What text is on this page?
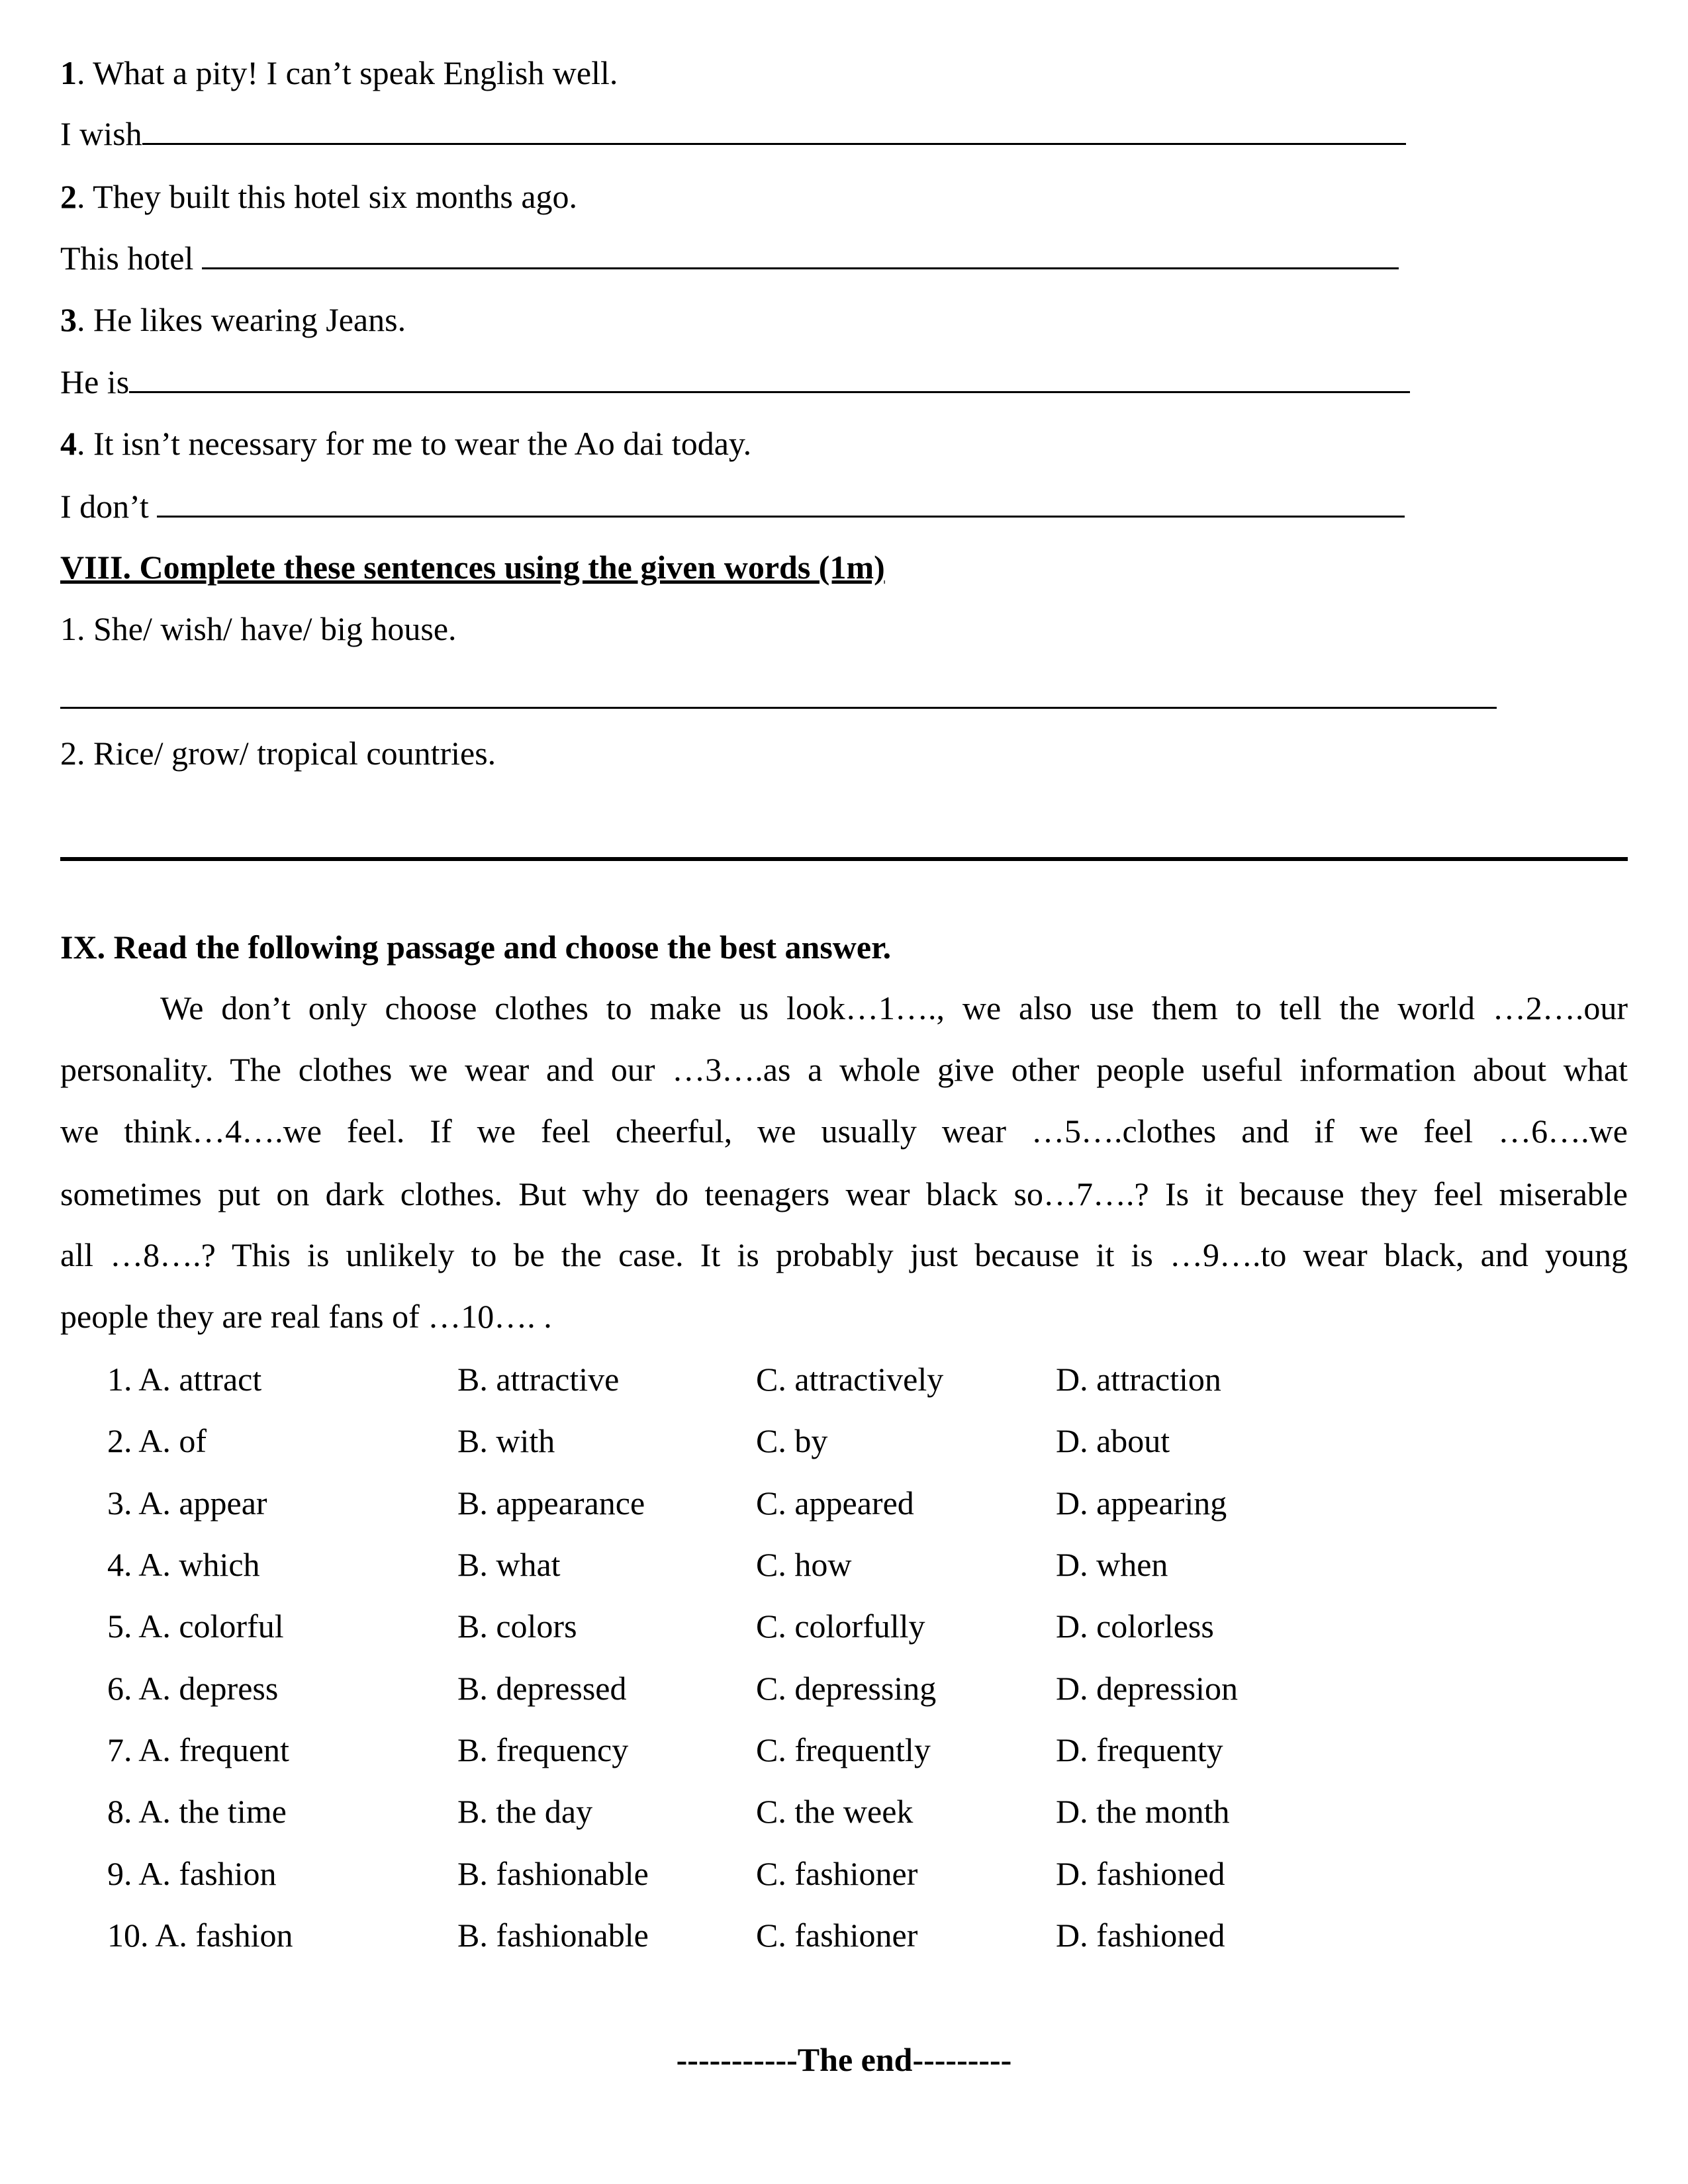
1. What a pity! I can’t speak English well.
I wish
2. They built this hotel six months ago.
This hotel
3. He likes wearing Jeans.
He is
4. It isn’t necessary for me to wear the Ao dai today.
I don’t
VIII. Complete these sentences using the given words (1m)
1. She/ wish/ have/ big house.
2. Rice/ grow/ tropical countries.
IX. Read the following passage and choose the best answer.
We don’t only choose clothes to make us look…1…., we also use them to tell the world …2….our
personality. The clothes we wear and our …3….as a whole give other people useful information about what
we think…4….we feel. If we feel cheerful, we usually wear …5….clothes and if we feel …6….we
sometimes put on dark clothes. But why do teenagers wear black so…7….? Is it because they feel miserable
all …8….? This is unlikely to be the case. It is probably just because it is …9….to wear black, and young
people they are real fans of …10…. .
1. A. attract	B. attractive	C. attractively	D. attraction
2. A. of	B. with	C. by	D. about
3. A. appear	B. appearance	C. appeared	D. appearing
4. A. which	B. what	C. how	D. when
5. A. colorful	B. colors	C. colorfully	D. colorless
6. A. depress	B. depressed	C. depressing	D. depression
7. A. frequent	B. frequency	C. frequently	D. frequenty
8. A. the time	B. the day	C. the week	D. the month
9. A. fashion	B. fashionable	C. fashioner	D. fashioned
10. A. fashion	B. fashionable	C. fashioner	D. fashioned
-----------The end---------
